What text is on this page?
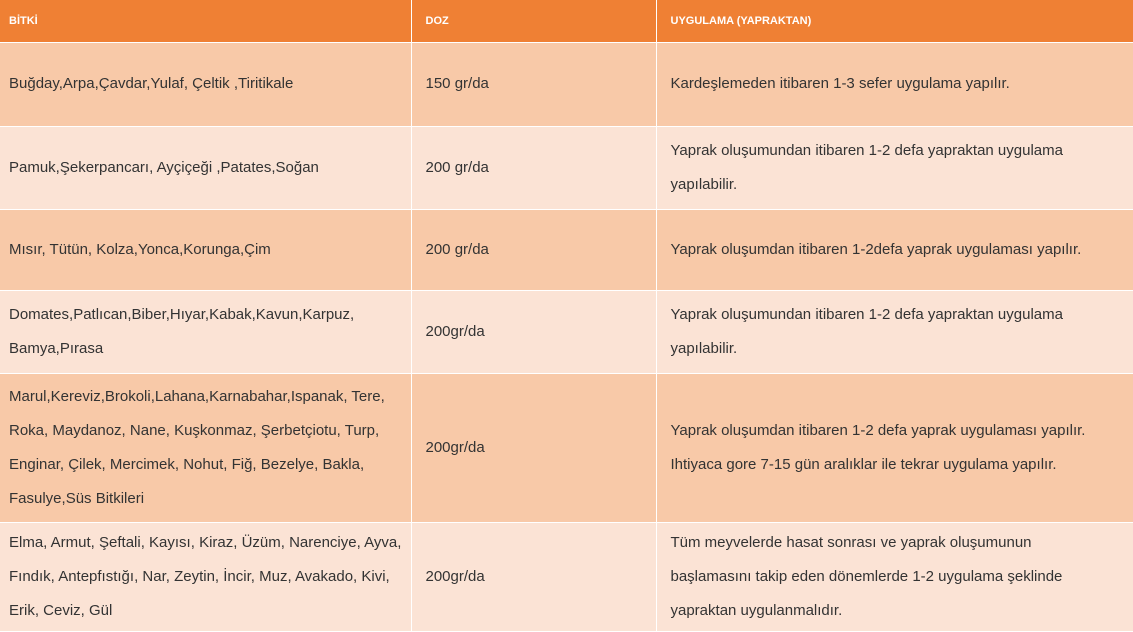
BİTKİ	DOZ	UYGULAMA (YAPRAKTAN)
Buğday,Arpa,Çavdar,Yulaf, Çeltik ,Tiritikale	150 gr/da	Kardeşlemeden itibaren 1-3 sefer uygulama yapılır.
Pamuk,Şekerpancarı, Ayçiçeği ,Patates,Soğan	200 gr/da	Yaprak oluşumundan itibaren 1-2 defa yapraktan uygulama yapılabilir.
Mısır, Tütün, Kolza,Yonca,Korunga,Çim	200 gr/da	Yaprak oluşumdan itibaren 1-2defa yaprak uygulaması yapılır.
Domates,Patlıcan,Biber,Hıyar,Kabak,Kavun,Karpuz, Bamya,Pırasa	200gr/da	Yaprak oluşumundan itibaren 1-2 defa yapraktan uygulama yapılabilir.
Marul,Kereviz,Brokoli,Lahana,Karnabahar,Ispanak, Tere, Roka, Maydanoz, Nane, Kuşkonmaz, Şerbetçiotu, Turp, Enginar, Çilek, Mercimek, Nohut, Fiğ, Bezelye, Bakla, Fasulye,Süs Bitkileri	200gr/da	Yaprak oluşumdan itibaren 1-2 defa yaprak uygulaması yapılır. Ihtiyaca gore 7-15 gün aralıklar ile tekrar uygulama yapılır.
Elma, Armut, Şeftali, Kayısı, Kiraz, Üzüm, Narenciye, Ayva, Fındık, Antepfıstığı, Nar, Zeytin, İncir, Muz, Avakado, Kivi, Erik, Ceviz, Gül	200gr/da	Tüm meyvelerde hasat sonrası ve yaprak oluşumunun başlamasını takip eden dönemlerde 1-2 uygulama şeklinde yapraktan uygulanmalıdır.
